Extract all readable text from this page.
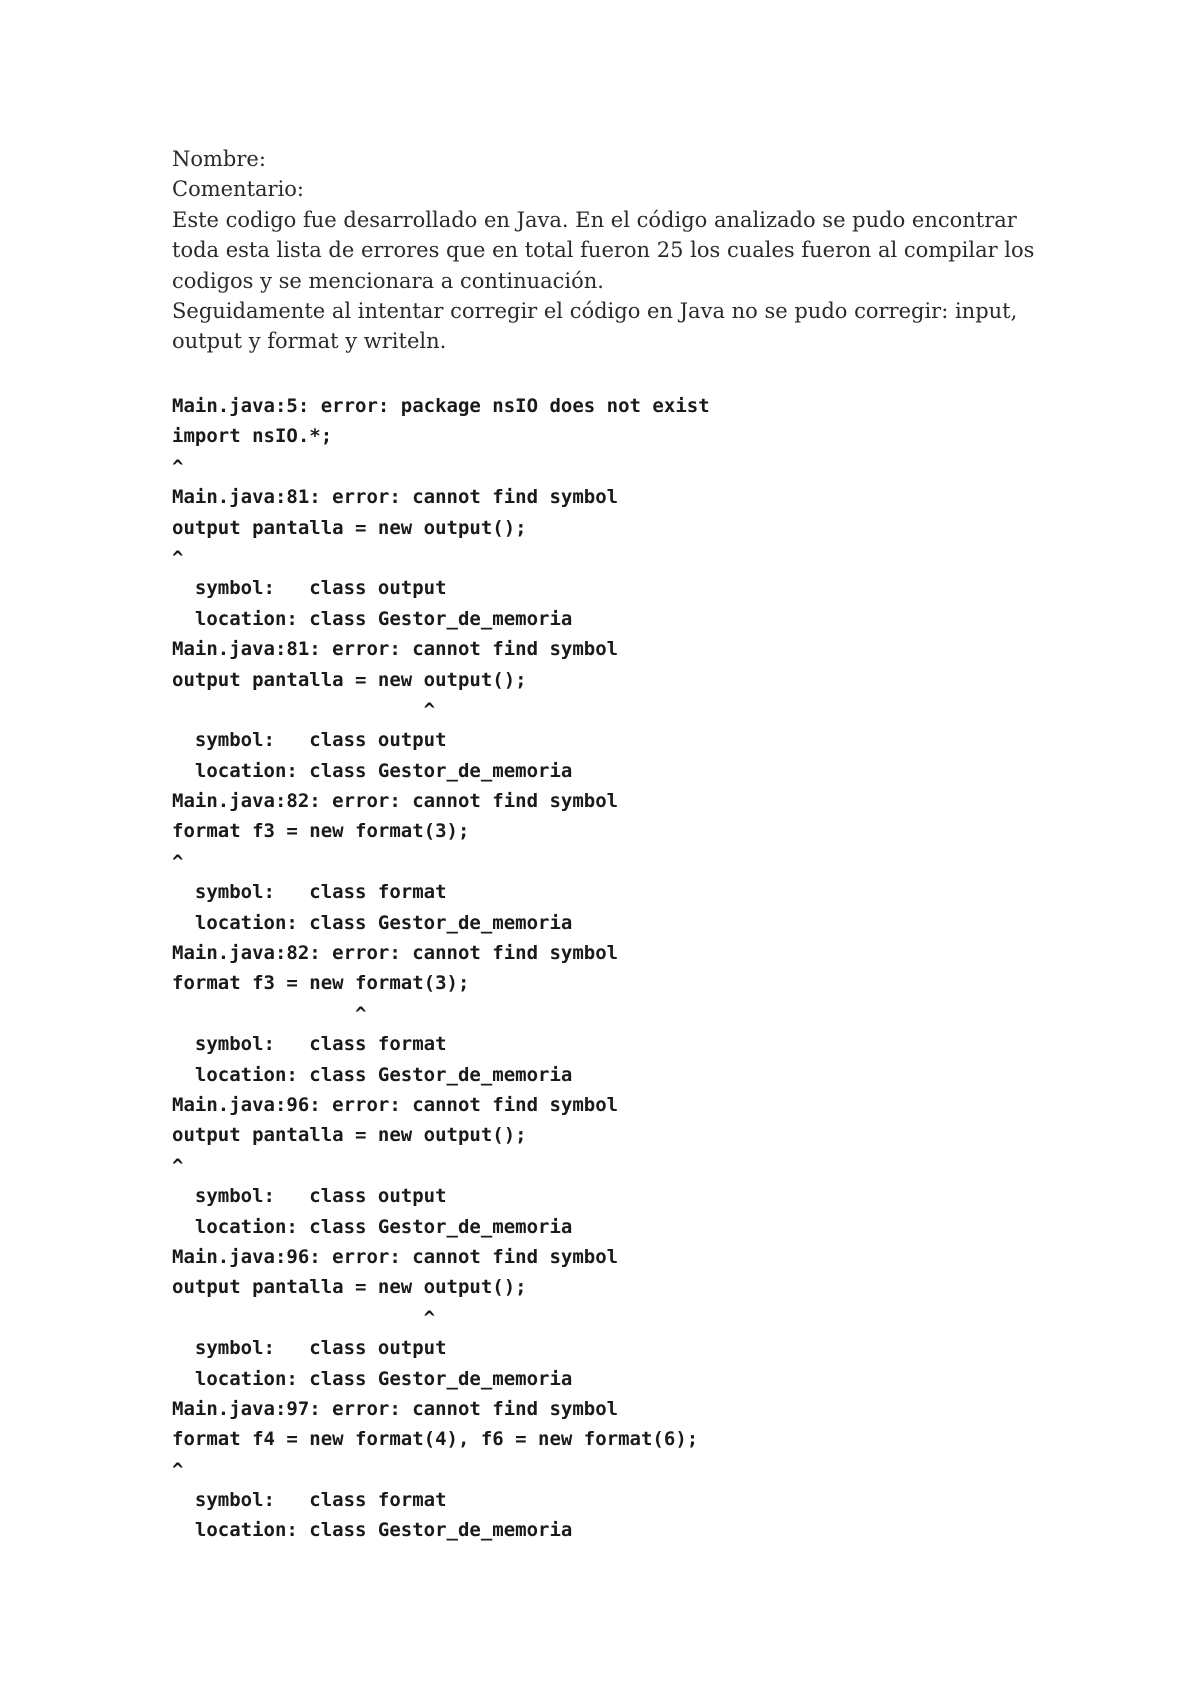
Nombre:

Comentario:

Este codigo fue desarrollado en Java. En el código analizado se pudo encontrar toda esta lista de errores que en total fueron 25 los cuales fueron al compilar los codigos y se mencionara a continuación.

Seguidamente al intentar corregir el código en Java no se pudo corregir: input, output y format y writeln.

Main.java:5: error: package nsIO does not exist
import nsIO.*;
^
Main.java:81: error: cannot find symbol
output pantalla = new output();
^
symbol:   class output
location: class Gestor_de_memoria
Main.java:81: error: cannot find symbol
output pantalla = new output();
^
symbol:   class output
location: class Gestor_de_memoria
Main.java:82: error: cannot find symbol
format f3 = new format(3);
^
symbol:   class format
location: class Gestor_de_memoria
Main.java:82: error: cannot find symbol
format f3 = new format(3);
^
symbol:   class format
location: class Gestor_de_memoria
Main.java:96: error: cannot find symbol
output pantalla = new output();
^
symbol:   class output
location: class Gestor_de_memoria
Main.java:96: error: cannot find symbol
output pantalla = new output();
^
symbol:   class output
location: class Gestor_de_memoria
Main.java:97: error: cannot find symbol
format f4 = new format(4), f6 = new format(6);
^
symbol:   class format
location: class Gestor_de_memoria
